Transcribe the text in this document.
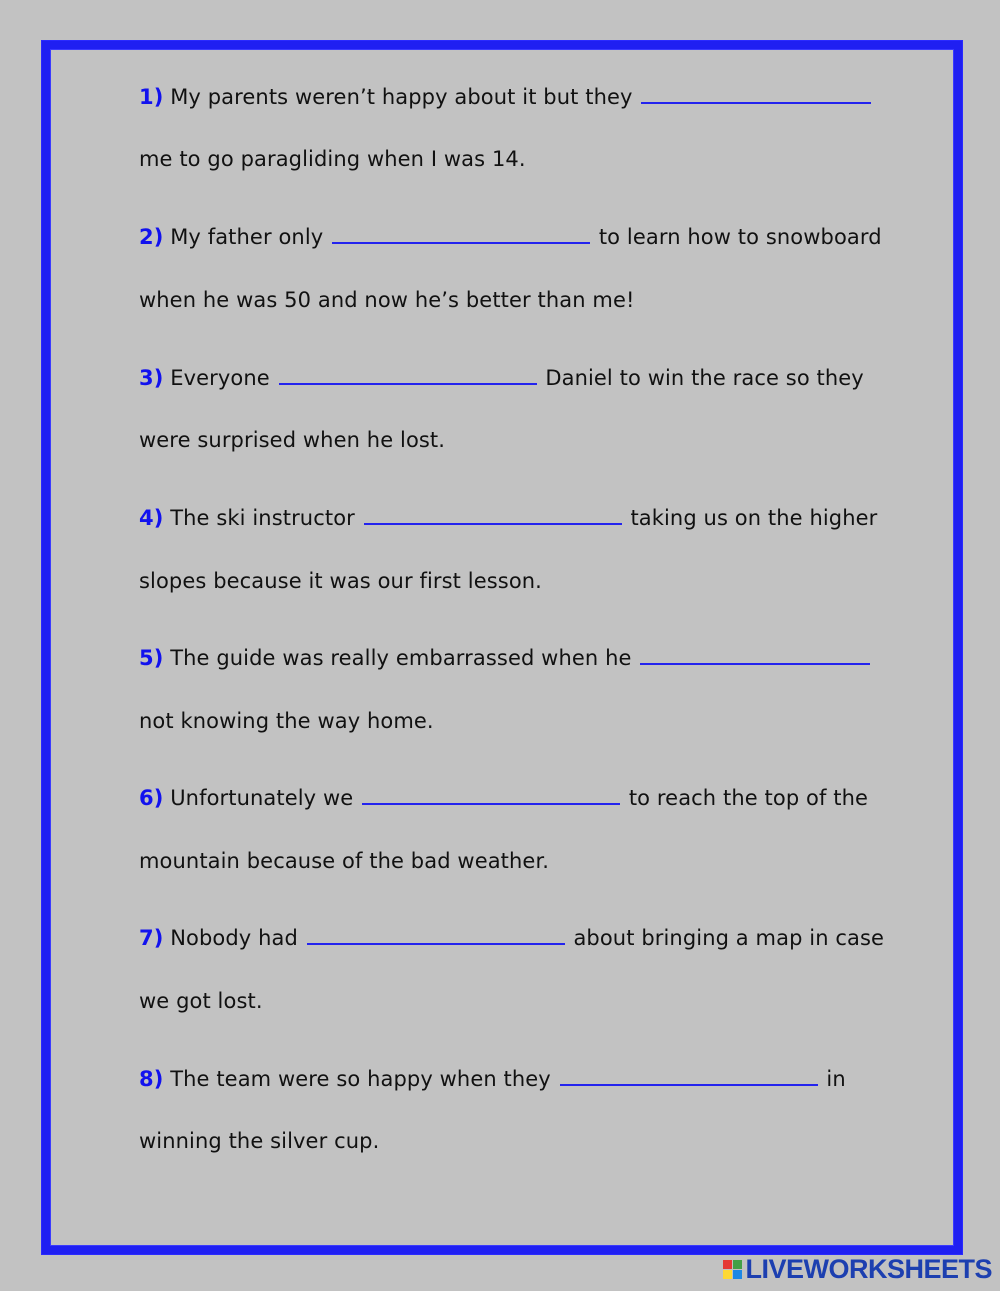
1) My parents weren’t happy about it but they
me to go paragliding when I was 14.
2) My father only	to learn how to snowboard
when he was 50 and now he’s better than me!
3) Everyone	Daniel to win the race so they
were surprised when he lost.
4) The ski instructor	taking us on the higher
slopes because it was our first lesson.
5) The guide was really embarrassed when he
not knowing the way home.
6) Unfortunately we	to reach the top of the
mountain because of the bad weather.
7) Nobody had	about bringing a map in case
we got lost.
8) The team were so happy when they	in
winning the silver cup.
LIVEWORKSHEETS
